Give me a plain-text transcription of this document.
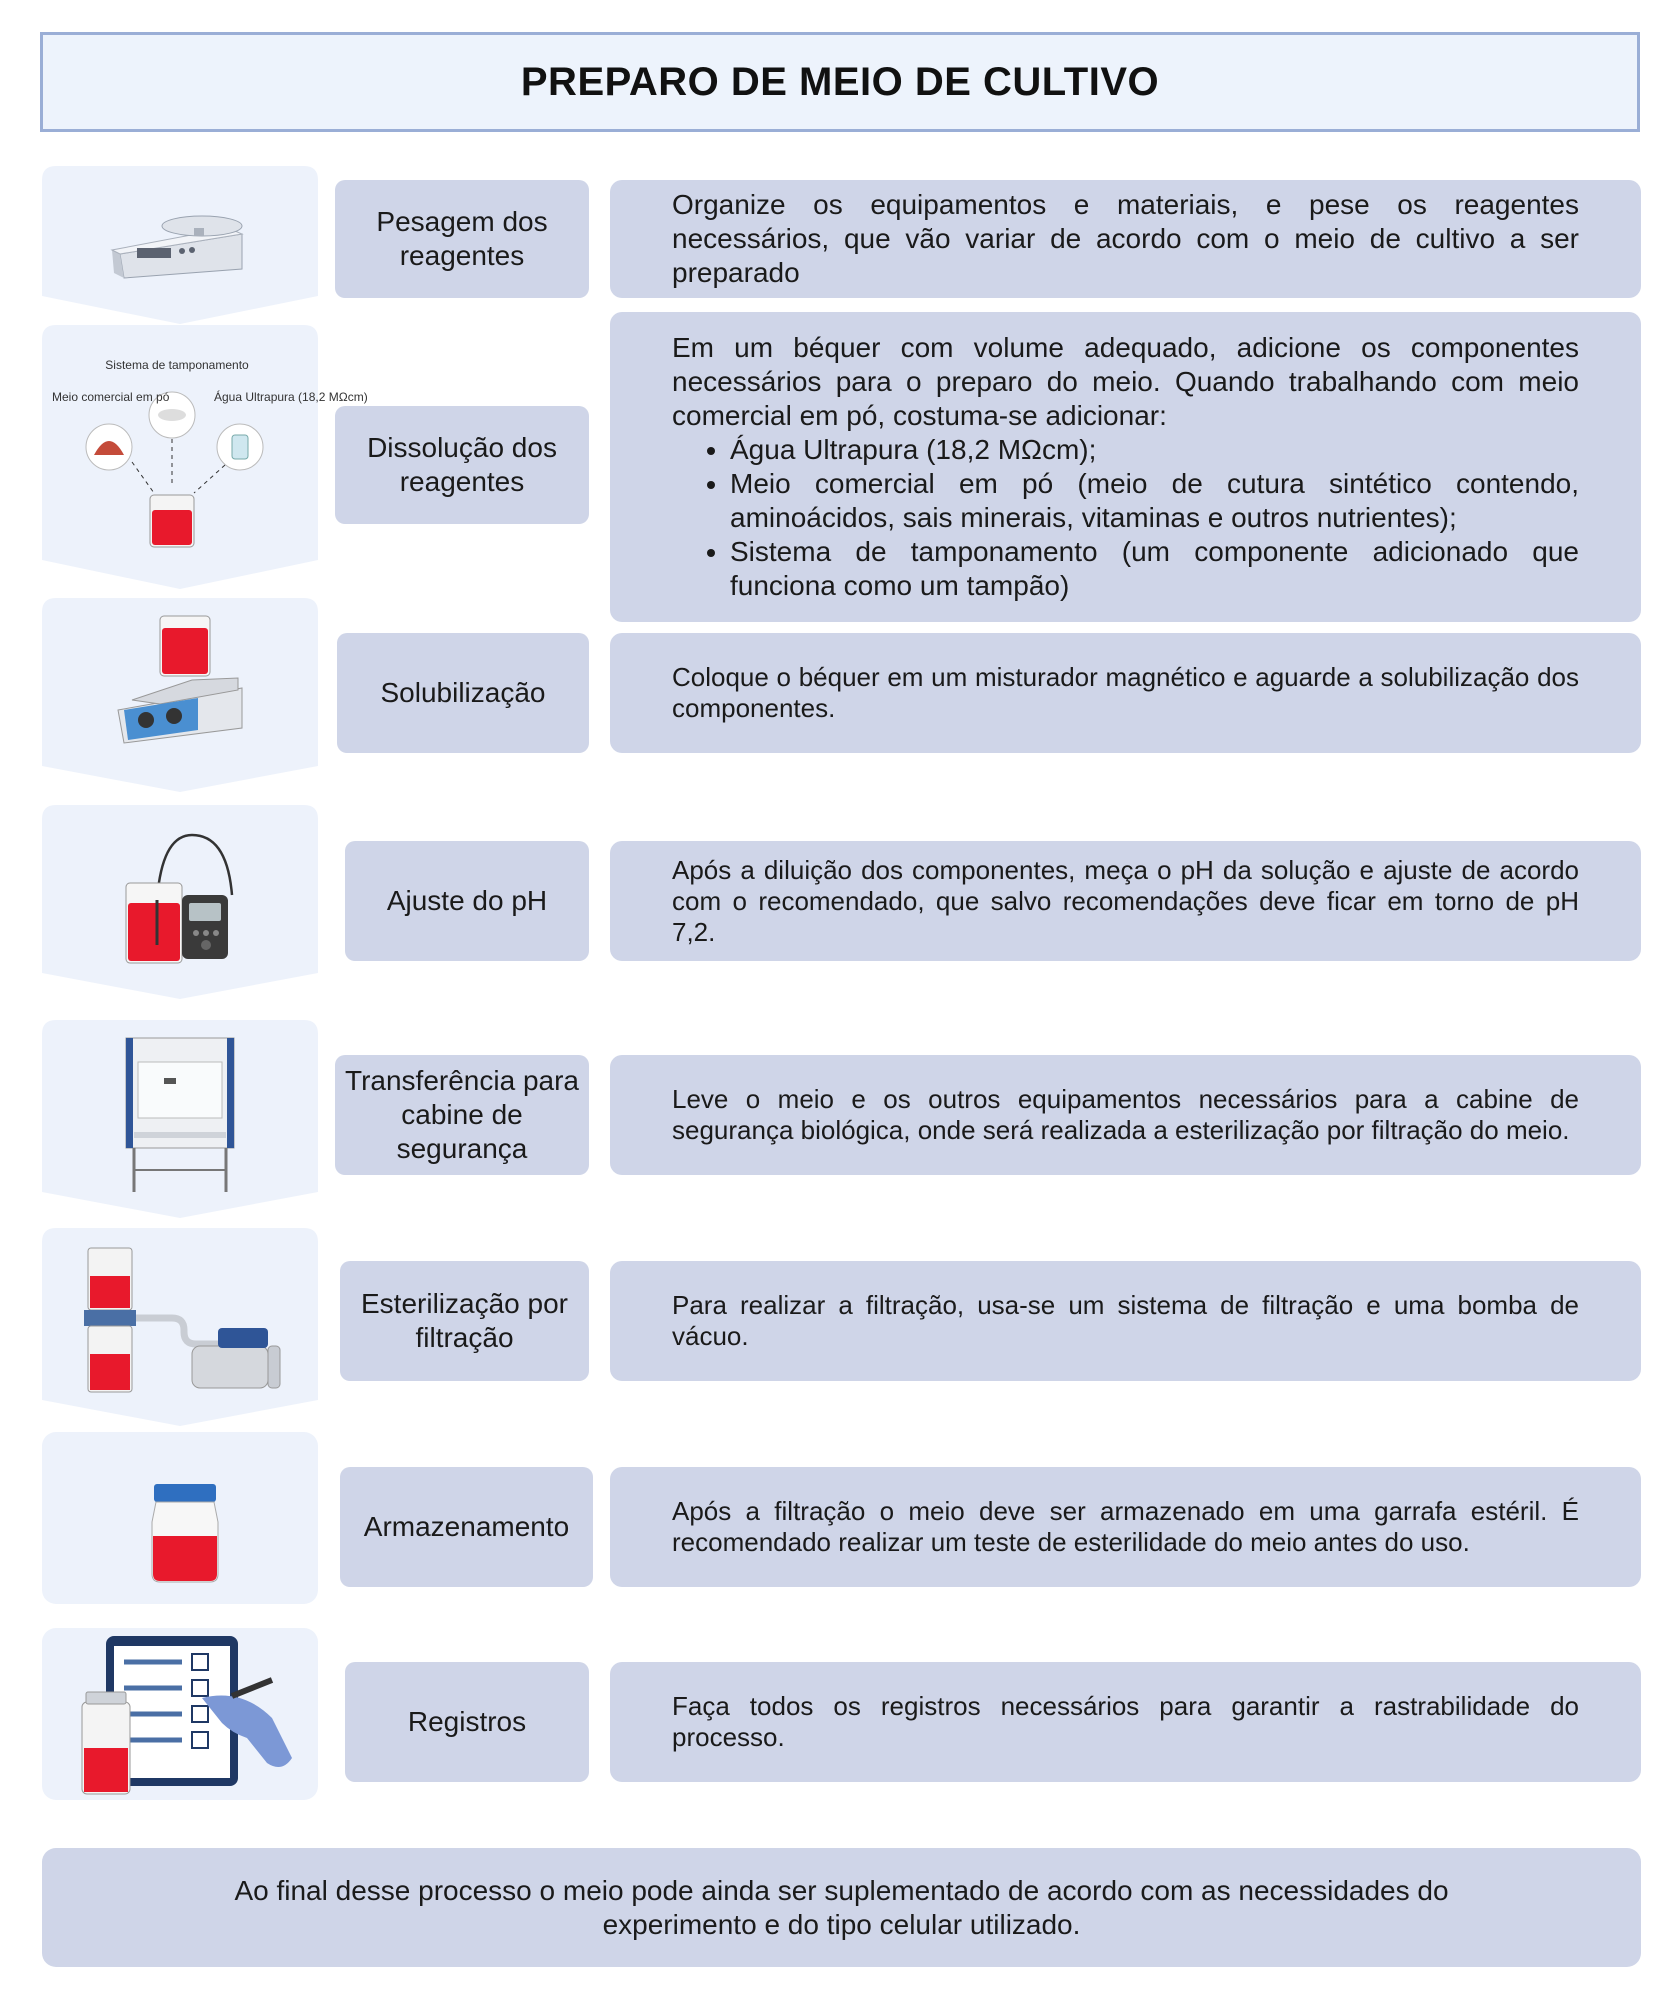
PREPARO DE MEIO DE CULTIVO
Pesagem dos reagentes

Organize os equipamentos e materiais, e pese os reagentes necessários, que vão variar de acordo com o meio de cultivo a ser preparado

Sistema de tamponamento
Meio comercial em pó	Água Ultrapura (18,2 MΩcm)
Dissolução dos reagentes

Em um béquer com volume adequado, adicione os componentes necessários para o preparo do meio. Quando trabalhando com meio comercial em pó, costuma-se adicionar:

• Água Ultrapura (18,2 MΩcm);
• Meio comercial em pó (meio de cutura sintético contendo, aminoácidos, sais minerais, vitaminas e outros nutrientes);
• Sistema de tamponamento (um componente adicionado que funciona como um tampão)
Solubilização	Coloque o béquer em um misturador magnético e aguarde a solubilização dos componentes.

Ajuste do pH

Após a diluição dos componentes, meça o pH da solução e ajuste de acordo com o recomendado, que salvo recomendações deve ficar em torno de pH 7,2.

Transferência para cabine de segurança

Leve o meio e os outros equipamentos necessários para a cabine de segurança biológica, onde será realizada a esterilização por filtração do meio.

Esterilização por filtração

Para realizar a filtração, usa-se um sistema de filtração e uma bomba de vácuo.

Armazenamento	Após a filtração o meio deve ser armazenado em uma garrafa estéril. É recomendado realizar um teste de esterilidade do meio antes do uso.

Registros	Faça todos os registros necessários para garantir a rastrabilidade do processo.

Ao final desse processo o meio pode ainda ser suplementado de acordo com as necessidades do experimento e do tipo celular utilizado.
